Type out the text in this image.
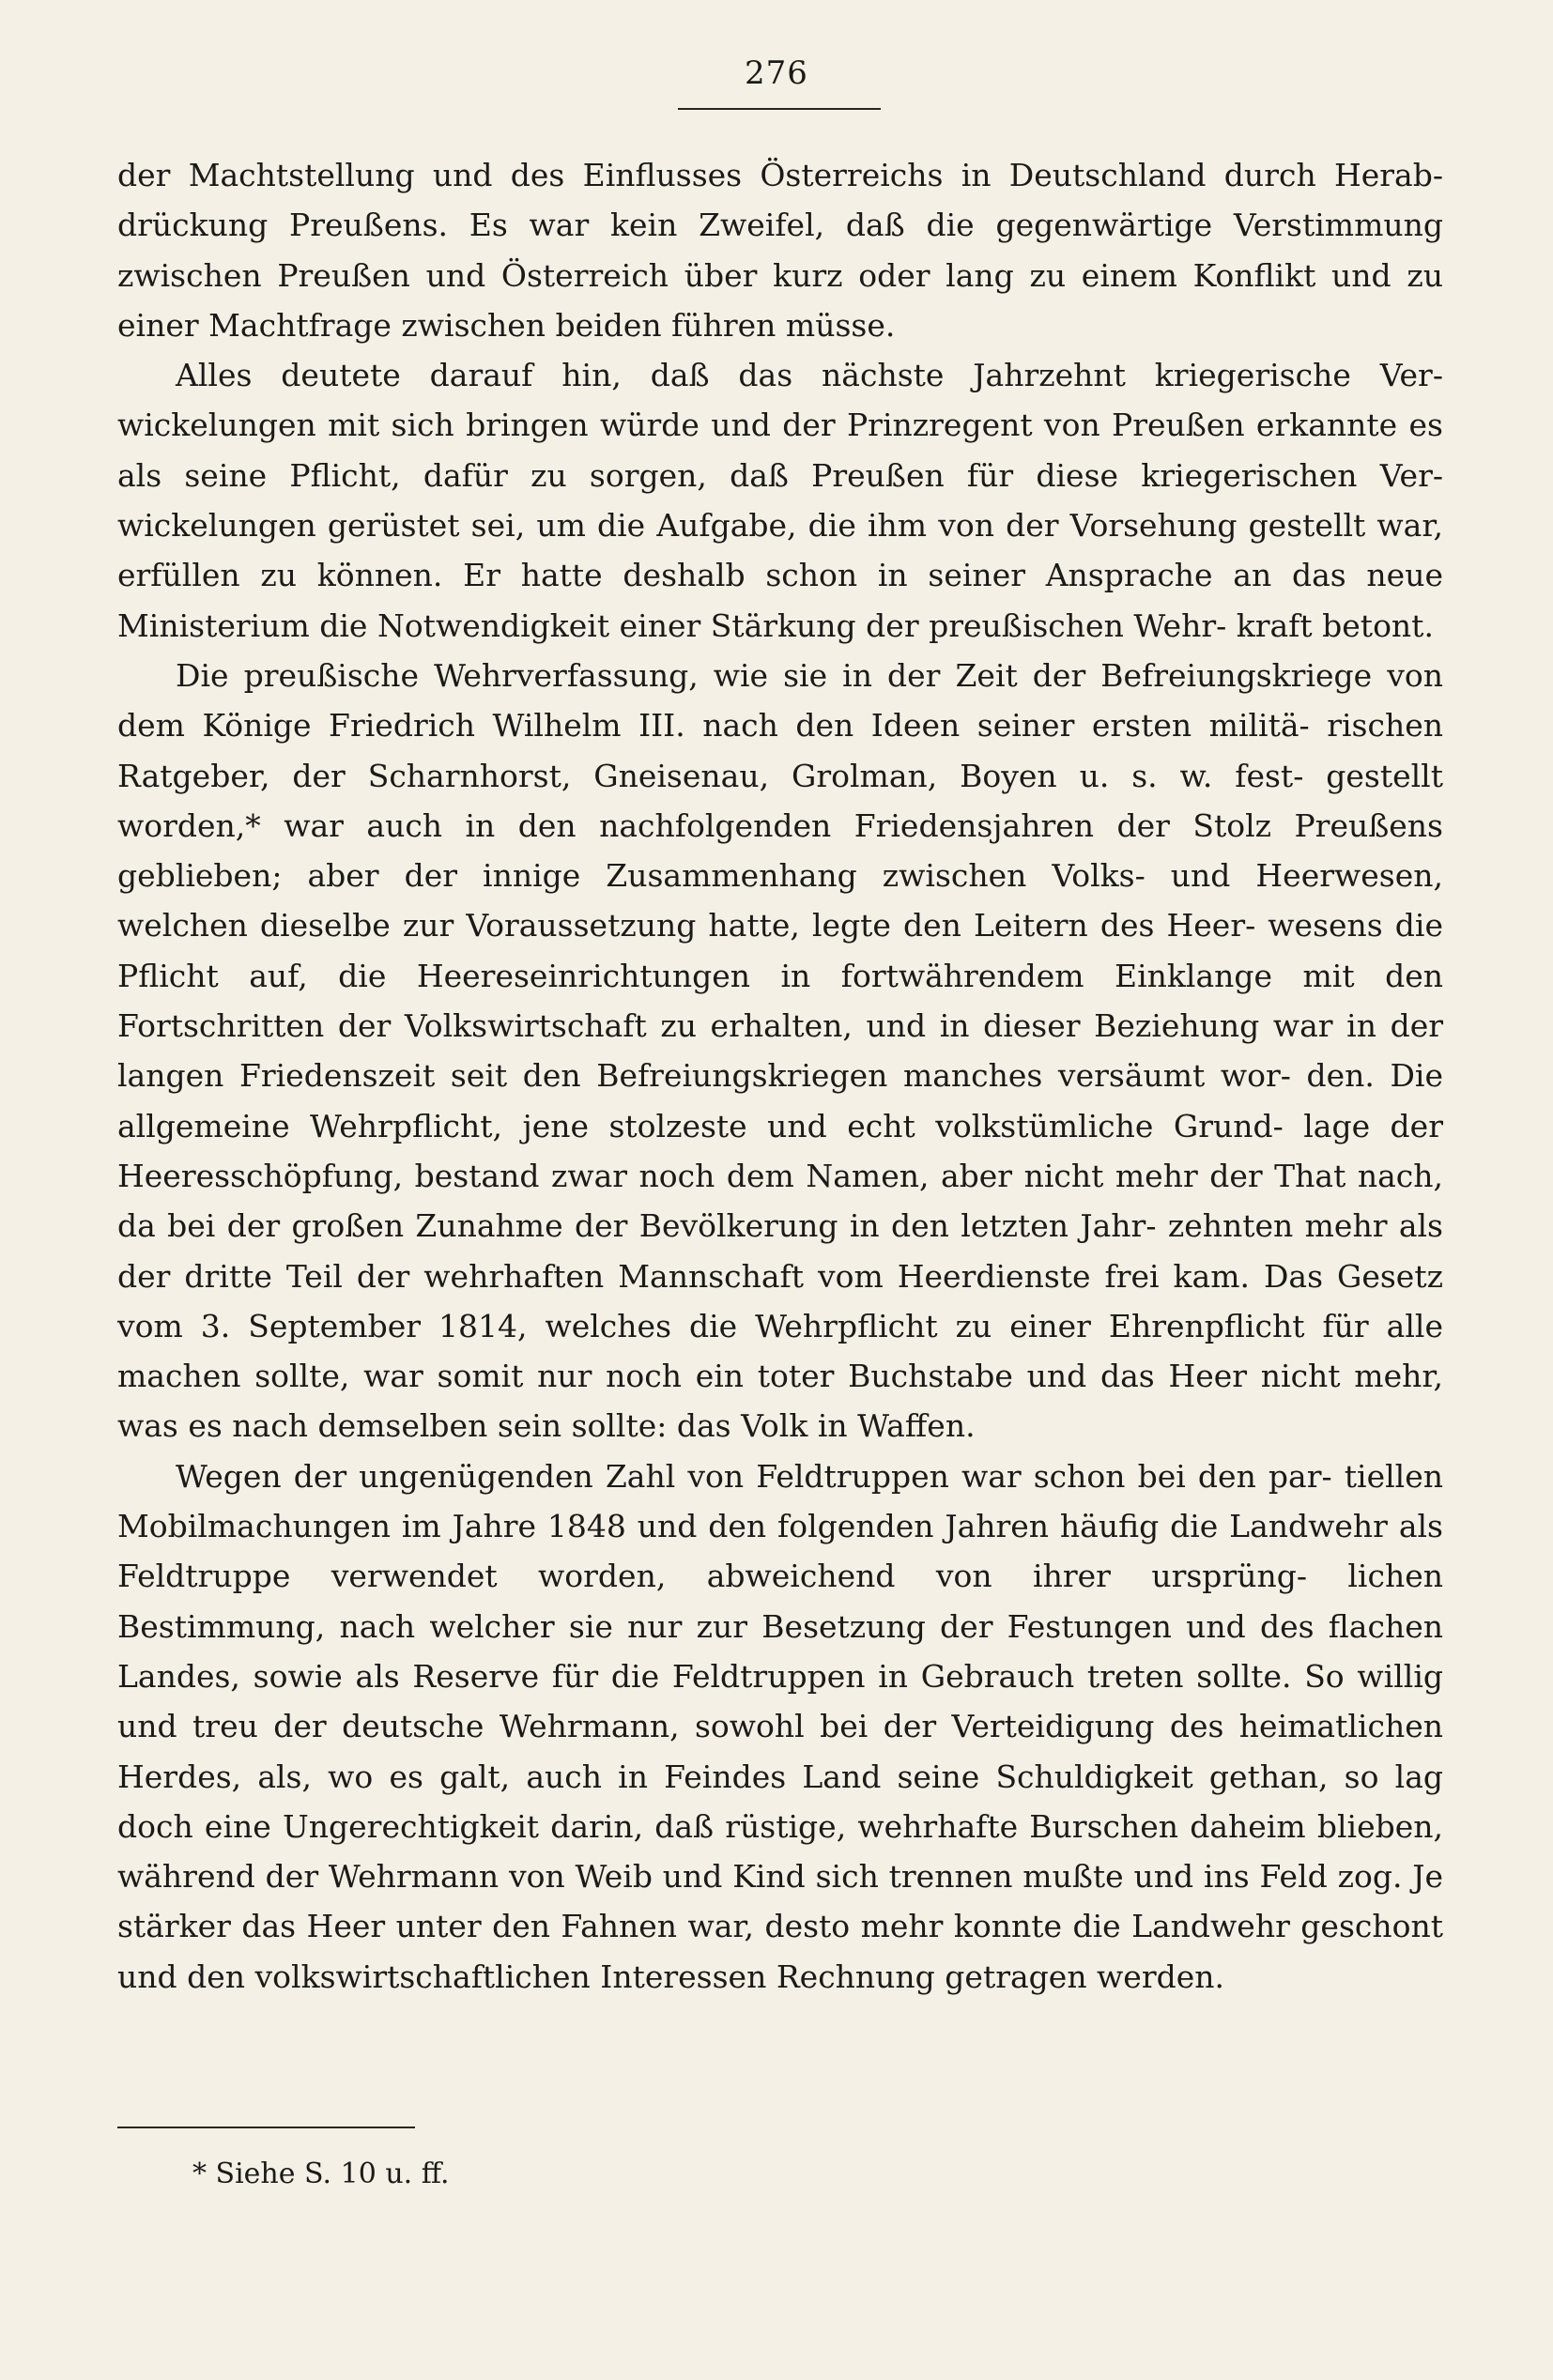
276

der Machtstellung und des Einflusses Österreichs in Deutschland durch Herab- drückung Preußens. Es war kein Zweifel, daß die gegenwärtige Verstimmung zwischen Preußen und Österreich über kurz oder lang zu einem Konflikt und zu einer Machtfrage zwischen beiden führen müsse.

Alles deutete darauf hin, daß das nächste Jahrzehnt kriegerische Ver- wickelungen mit sich bringen würde und der Prinzregent von Preußen erkannte es als seine Pflicht, dafür zu sorgen, daß Preußen für diese kriegerischen Ver- wickelungen gerüstet sei, um die Aufgabe, die ihm von der Vorsehung gestellt war, erfüllen zu können. Er hatte deshalb schon in seiner Ansprache an das neue Ministerium die Notwendigkeit einer Stärkung der preußischen Wehr- kraft betont.

Die preußische Wehrverfassung, wie sie in der Zeit der Befreiungskriege von dem Könige Friedrich Wilhelm III. nach den Ideen seiner ersten militä- rischen Ratgeber, der Scharnhorst, Gneisenau, Grolman, Boyen u. s. w. fest- gestellt worden,* war auch in den nachfolgenden Friedensjahren der Stolz Preußens geblieben; aber der innige Zusammenhang zwischen Volks- und Heerwesen, welchen dieselbe zur Voraussetzung hatte, legte den Leitern des Heer- wesens die Pflicht auf, die Heereseinrichtungen in fortwährendem Einklange mit den Fortschritten der Volkswirtschaft zu erhalten, und in dieser Beziehung war in der langen Friedenszeit seit den Befreiungskriegen manches versäumt wor- den. Die allgemeine Wehrpflicht, jene stolzeste und echt volkstümliche Grund- lage der Heeresschöpfung, bestand zwar noch dem Namen, aber nicht mehr der That nach, da bei der großen Zunahme der Bevölkerung in den letzten Jahr- zehnten mehr als der dritte Teil der wehrhaften Mannschaft vom Heerdienste frei kam. Das Gesetz vom 3. September 1814, welches die Wehrpflicht zu einer Ehrenpflicht für alle machen sollte, war somit nur noch ein toter Buchstabe und das Heer nicht mehr, was es nach demselben sein sollte: das Volk in Waffen.

Wegen der ungenügenden Zahl von Feldtruppen war schon bei den par- tiellen Mobilmachungen im Jahre 1848 und den folgenden Jahren häufig die Landwehr als Feldtruppe verwendet worden, abweichend von ihrer ursprüng- lichen Bestimmung, nach welcher sie nur zur Besetzung der Festungen und des flachen Landes, sowie als Reserve für die Feldtruppen in Gebrauch treten sollte. So willig und treu der deutsche Wehrmann, sowohl bei der Verteidigung des heimatlichen Herdes, als, wo es galt, auch in Feindes Land seine Schuldigkeit gethan, so lag doch eine Ungerechtigkeit darin, daß rüstige, wehrhafte Burschen daheim blieben, während der Wehrmann von Weib und Kind sich trennen mußte und ins Feld zog. Je stärker das Heer unter den Fahnen war, desto mehr konnte die Landwehr geschont und den volkswirtschaftlichen Interessen Rechnung getragen werden.

* Siehe S. 10 u. ff.
